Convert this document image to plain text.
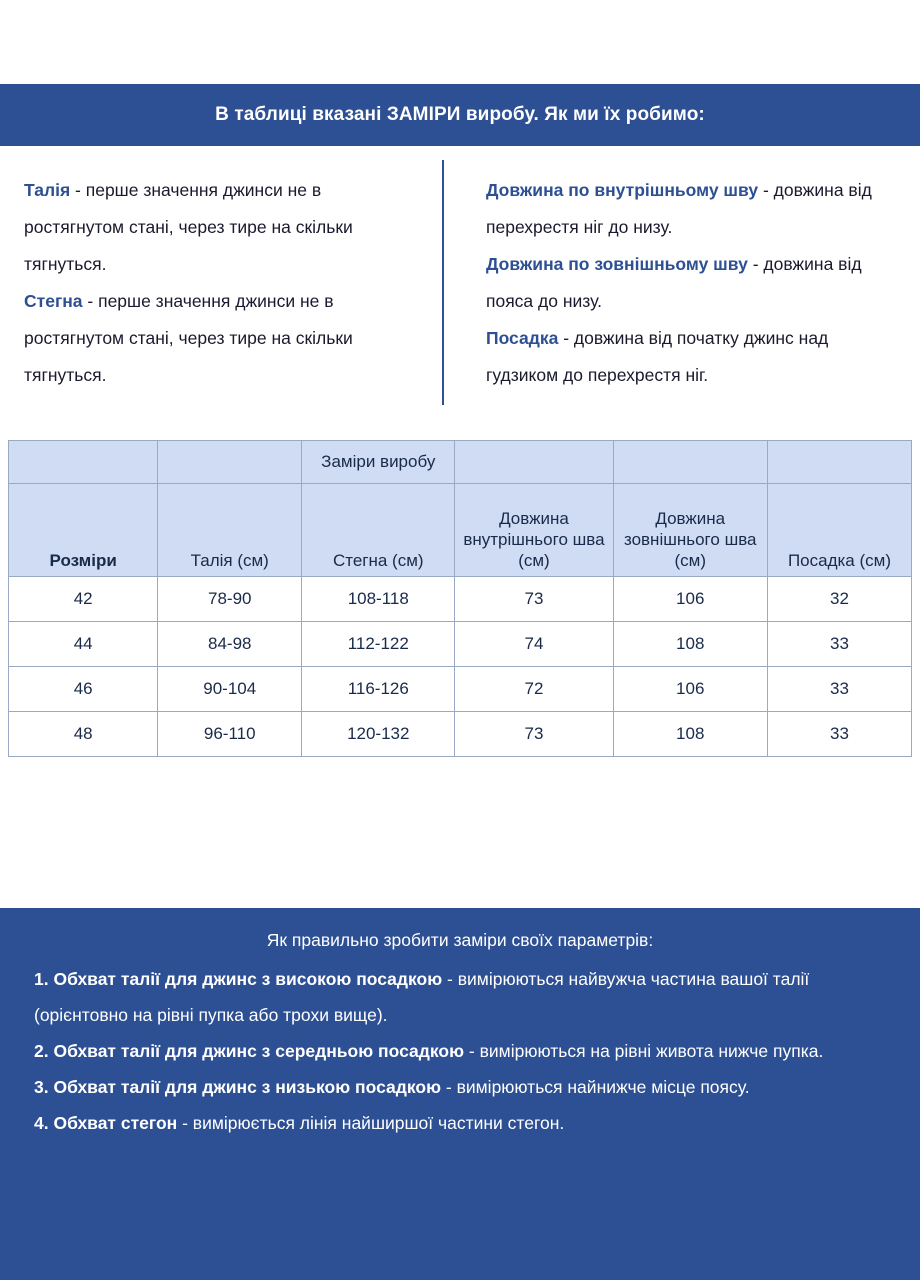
В таблиці вказані ЗАМІРИ виробу. Як ми їх робимо:

Талія - перше значення джинси не в ростягнутом стані, через тире на скільки тягнуться.

Стегна - перше значення джинси не в ростягнутом стані, через тире на скільки тягнуться.

Довжина по внутрішньому шву - довжина від перехрестя ніг до низу.

Довжина по зовнішньому шву - довжина від пояса до низу.

Посадка - довжина від початку джинс над гудзиком до перехрестя ніг.

		Заміри виробу			
Розміри	Талія (см)	Стегна (см)	Довжина внутрішнього шва (см)	Довжина зовнішнього шва (см)	Посадка (см)
42	78-90	108-118	73	106	32
44	84-98	112-122	74	108	33
46	90-104	116-126	72	106	33
48	96-110	120-132	73	108	33
Як правильно зробити заміри своїх параметрів:

1. Обхват талії для джинс з високою посадкою - вимірюються найвужча частина вашої талії (орієнтовно на рівні пупка або трохи вище).

2. Обхват талії для джинс з середньою посадкою - вимірюються на рівні живота нижче пупка.

3. Обхват талії для джинс з низькою посадкою - вимірюються найнижче місце поясу.

4. Обхват стегон - вимірюється лінія найширшої частини стегон.
